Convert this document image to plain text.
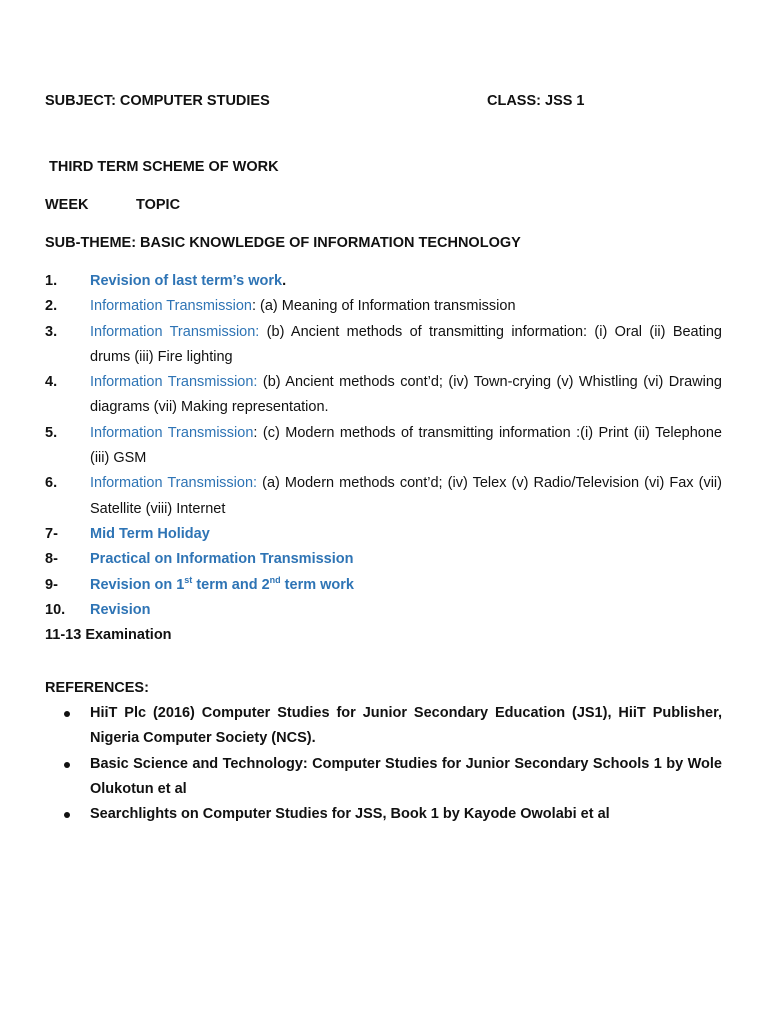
SUBJECT: COMPUTER STUDIES	CLASS: JSS 1
THIRD TERM SCHEME OF WORK
WEEK	TOPIC
SUB-THEME: BASIC KNOWLEDGE OF INFORMATION TECHNOLOGY
1. Revision of last term’s work.
2. Information Transmission: (a) Meaning of Information transmission
3. Information Transmission: (b) Ancient methods of transmitting information: (i) Oral (ii) Beating drums (iii) Fire lighting
4. Information Transmission: (b) Ancient methods cont’d; (iv) Town-crying (v) Whistling (vi) Drawing diagrams (vii) Making representation.
5. Information Transmission: (c) Modern methods of transmitting information :(i) Print (ii) Telephone (iii) GSM
6. Information Transmission: (a) Modern methods cont’d; (iv) Telex (v) Radio/Television (vi) Fax (vii) Satellite (viii) Internet
7- Mid Term Holiday
8- Practical on Information Transmission
9- Revision on 1st term and 2nd term work
10. Revision
11-13 Examination
REFERENCES:
HiiT Plc (2016) Computer Studies for Junior Secondary Education (JS1), HiiT Publisher, Nigeria Computer Society (NCS).
Basic Science and Technology: Computer Studies for Junior Secondary Schools 1 by Wole Olukotun et al
Searchlights on Computer Studies for JSS, Book 1 by Kayode Owolabi et al
